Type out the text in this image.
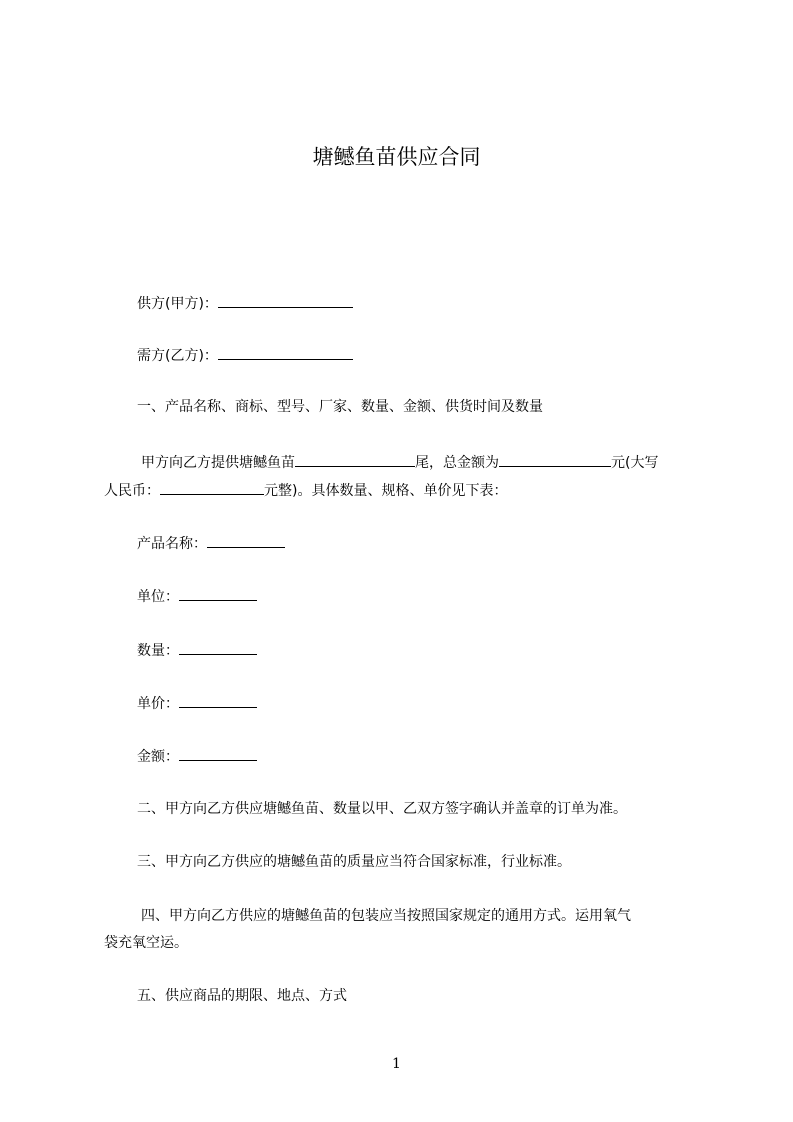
塘鳡鱼苗供应合同
供方(甲方)：
需方(乙方)：
一、产品名称、商标、型号、厂家、数量、金额、供货时间及数量
甲方向乙方提供塘鳡鱼苗	尾，总金额为	元(大写
人民币：	元整)。具体数量、规格、单价见下表：
产品名称：
单位：
数量：
单价：
金额：
二、甲方向乙方供应塘鳡鱼苗、数量以甲、乙双方签字确认并盖章的订单为准。
三、甲方向乙方供应的塘鳡鱼苗的质量应当符合国家标准，行业标准。
四、甲方向乙方供应的塘鳡鱼苗的包装应当按照国家规定的通用方式。运用氧气
袋充氧空运。
五、供应商品的期限、地点、方式
1
